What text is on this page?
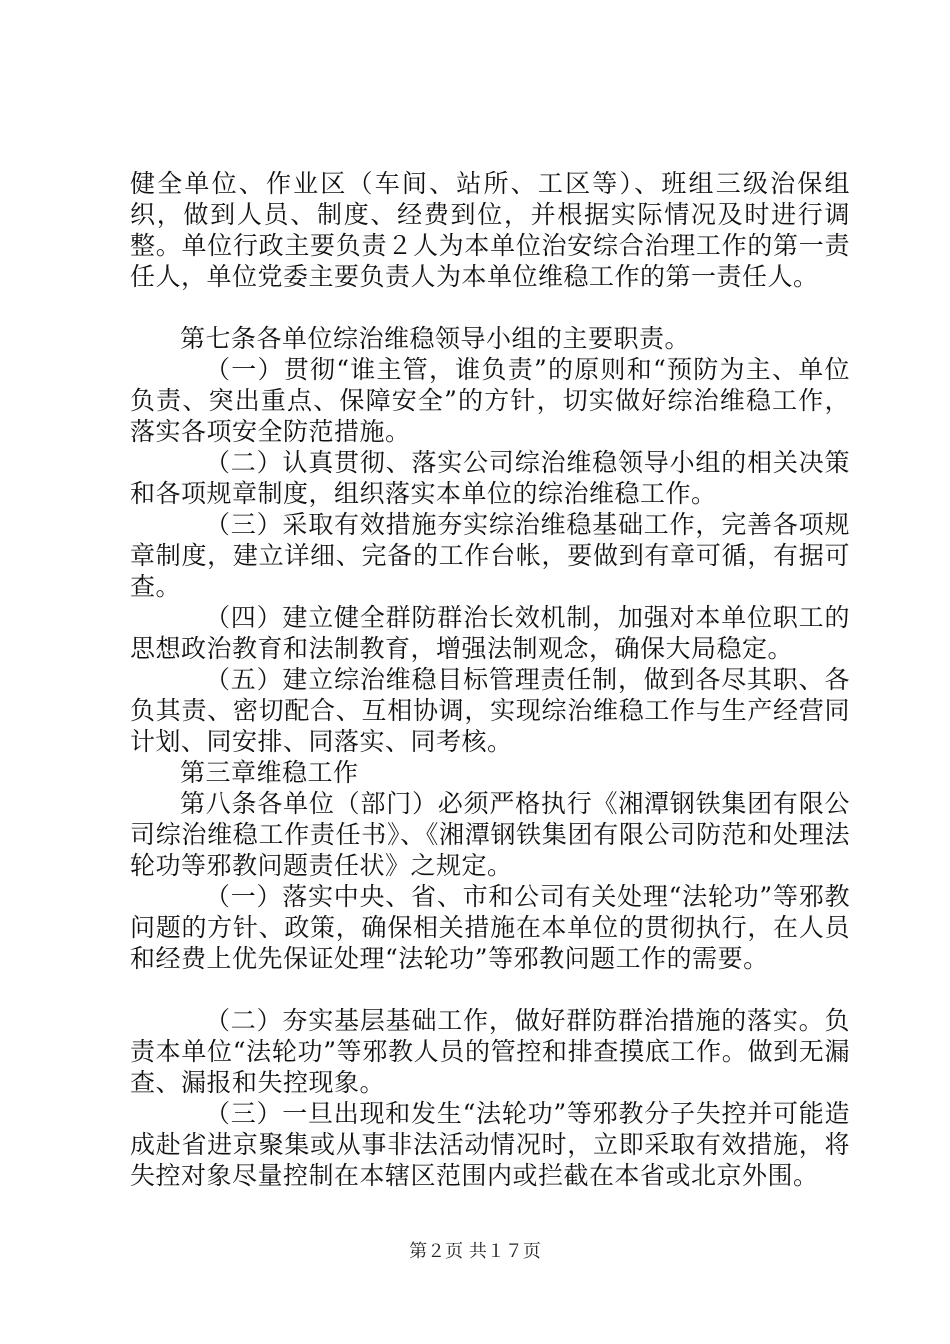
健全单位、作业区（车间、站所、工区等）、班组三级治保组织，做到人员、制度、经费到位，并根据实际情况及时进行调整。单位行政主要负责２人为本单位治安综合治理工作的第一责任人，单位党委主要负责人为本单位维稳工作的第一责任人。

第七条各单位综治维稳领导小组的主要职责。

（一）贯彻“谁主管，谁负责”的原则和“预防为主、单位负责、突出重点、保障安全”的方针，切实做好综治维稳工作，落实各项安全防范措施。

（二）认真贯彻、落实公司综治维稳领导小组的相关决策和各项规章制度，组织落实本单位的综治维稳工作。

（三）采取有效措施夯实综治维稳基础工作，完善各项规章制度，建立详细、完备的工作台帐，要做到有章可循，有据可查。

（四）建立健全群防群治长效机制，加强对本单位职工的思想政治教育和法制教育，增强法制观念，确保大局稳定。

（五）建立综治维稳目标管理责任制，做到各尽其职、各负其责、密切配合、互相协调，实现综治维稳工作与生产经营同计划、同安排、同落实、同考核。

第三章维稳工作

第八条各单位（部门）必须严格执行《湘潭钢铁集团有限公司综治维稳工作责任书》、《湘潭钢铁集团有限公司防范和处理法轮功等邪教问题责任状》之规定。

（一）落实中央、省、市和公司有关处理“法轮功”等邪教问题的方针、政策，确保相关措施在本单位的贯彻执行，在人员和经费上优先保证处理“法轮功”等邪教问题工作的需要。

（二）夯实基层基础工作，做好群防群治措施的落实。负责本单位“法轮功”等邪教人员的管控和排查摸底工作。做到无漏查、漏报和失控现象。

（三）一旦出现和发生“法轮功”等邪教分子失控并可能造成赴省进京聚集或从事非法活动情况时，立即采取有效措施，将失控对象尽量控制在本辖区范围内或拦截在本省或北京外围。

第２页 共１７页
